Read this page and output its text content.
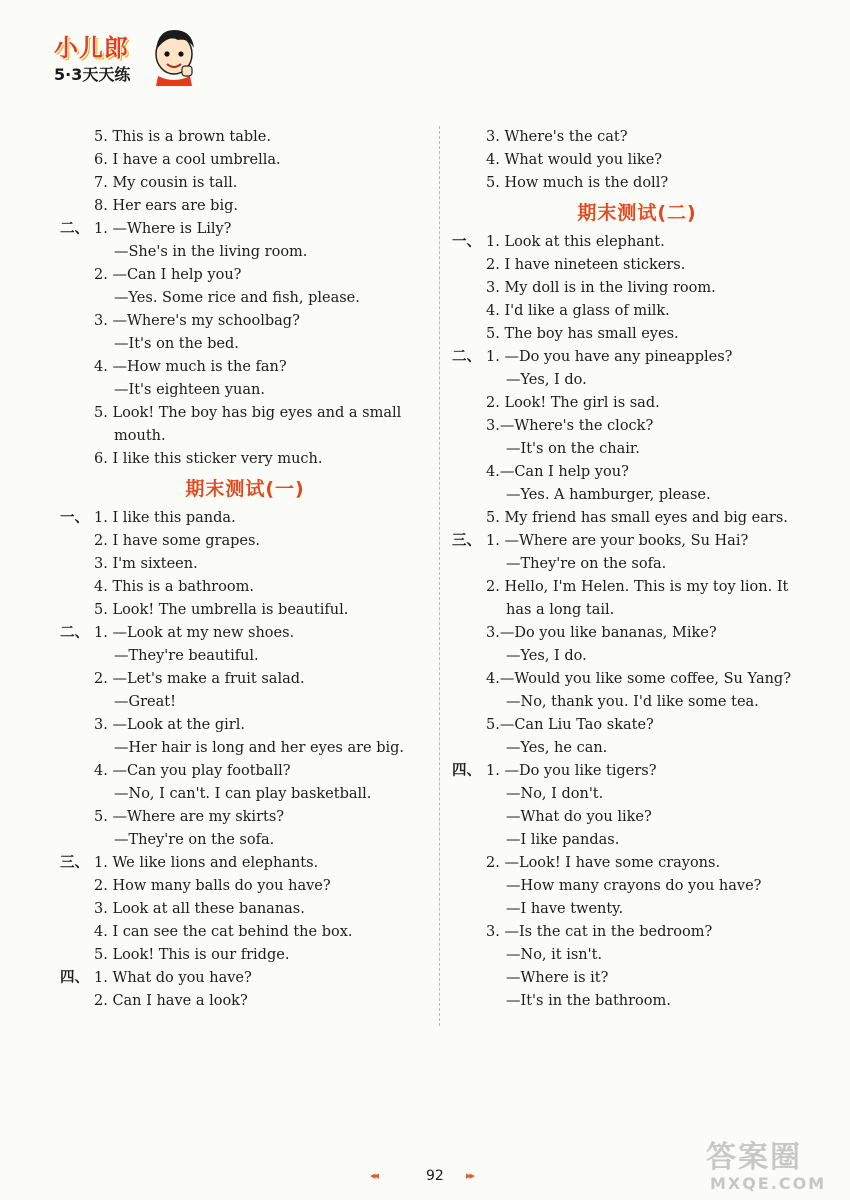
小儿郎
5·3天天练
5. This is a brown table.
6. I have a cool umbrella.
7. My cousin is tall.
8. Her ears are big.
二、 1. —Where is Lily?
—She's in the living room.
2. —Can I help you?
—Yes. Some rice and fish, please.
3. —Where's my schoolbag?
—It's on the bed.
4. —How much is the fan?
—It's eighteen yuan.
5. Look! The boy has big eyes and a small
mouth.
6. I like this sticker very much.
期末测试(一)
一、 1. I like this panda.
2. I have some grapes.
3. I'm sixteen.
4. This is a bathroom.
5. Look! The umbrella is beautiful.
二、 1. —Look at my new shoes.
—They're beautiful.
2. —Let's make a fruit salad.
—Great!
3. —Look at the girl.
—Her hair is long and her eyes are big.
4. —Can you play football?
—No, I can't. I can play basketball.
5. —Where are my skirts?
—They're on the sofa.
三、 1. We like lions and elephants.
2. How many balls do you have?
3. Look at all these bananas.
4. I can see the cat behind the box.
5. Look! This is our fridge.
四、 1. What do you have?
2. Can I have a look?
3. Where's the cat?
4. What would you like?
5. How much is the doll?
期末测试(二)
一、 1. Look at this elephant.
2. I have nineteen stickers.
3. My doll is in the living room.
4. I'd like a glass of milk.
5. The boy has small eyes.
二、 1. —Do you have any pineapples?
—Yes, I do.
2. Look! The girl is sad.
3.—Where's the clock?
—It's on the chair.
4.—Can I help you?
—Yes. A hamburger, please.
5. My friend has small eyes and big ears.
三、 1. —Where are your books, Su Hai?
—They're on the sofa.
2. Hello, I'm Helen. This is my toy lion. It
has a long tail.
3.—Do you like bananas, Mike?
—Yes, I do.
4.—Would you like some coffee, Su Yang?
—No, thank you. I'd like some tea.
5.—Can Liu Tao skate?
—Yes, he can.
四、 1. —Do you like tigers?
—No, I don't.
—What do you like?
—I like pandas.
2. —Look! I have some crayons.
—How many crayons do you have?
—I have twenty.
3. —Is the cat in the bedroom?
—No, it isn't.
—Where is it?
—It's in the bathroom.
◂◂	92 ▸▸
答案圈
MXQE.COM
